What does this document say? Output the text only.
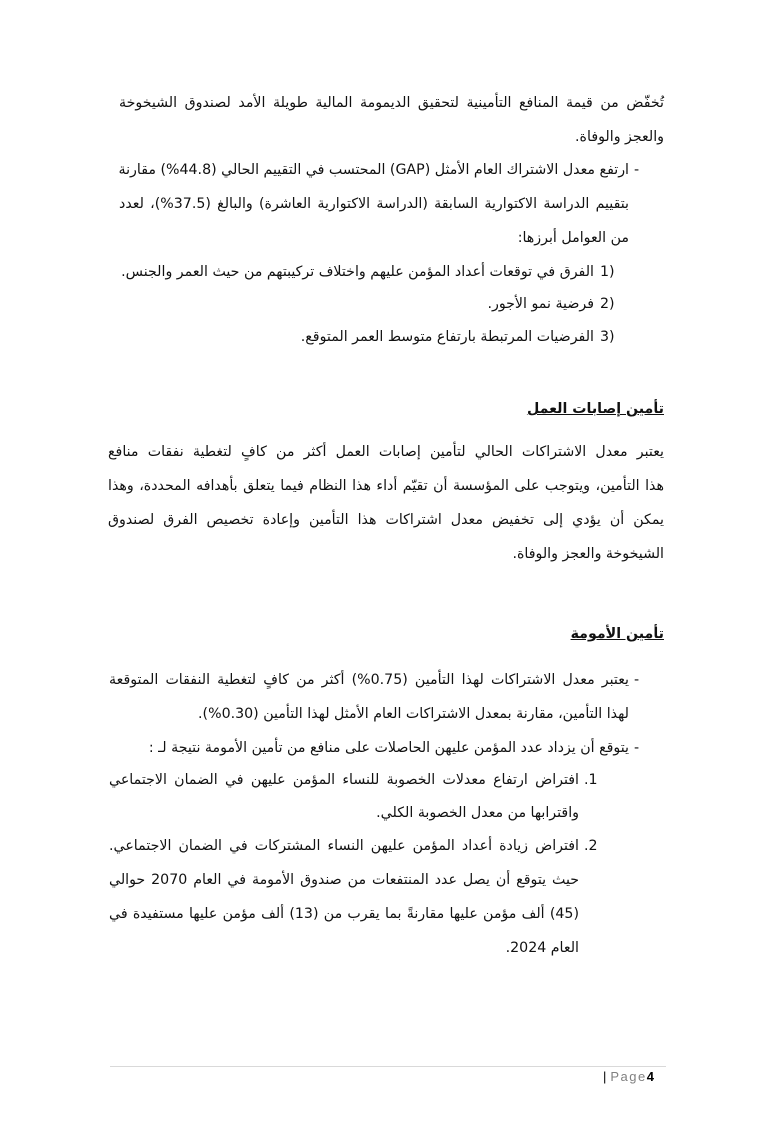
تُخفّض من قيمة المنافع التأمينية لتحقيق الديمومة المالية طويلة الأمد لصندوق الشيخوخة
والعجز والوفاة.
-
ارتفع معدل الاشتراك العام الأمثل (GAP) المحتسب في التقييم الحالي (44.8%) مقارنة
بتقييم الدراسة الاكتوارية السابقة (الدراسة الاكتوارية العاشرة) والبالغ (37.5%)، لعدد
من العوامل أبرزها:
1)
الفرق في توقعات أعداد المؤمن عليهم واختلاف تركيبتهم من حيث العمر والجنس.
2)
فرضية نمو الأجور.
3)
الفرضيات المرتبطة بارتفاع متوسط العمر المتوقع.
تأمين إصابات العمل
يعتبر معدل الاشتراكات الحالي لتأمين إصابات العمل أكثر من كافٍ لتغطية نفقات منافع
هذا التأمين، ويتوجب على المؤسسة أن تقيّم أداء هذا النظام فيما يتعلق بأهدافه المحددة، وهذا
يمكن أن يؤدي إلى تخفيض معدل اشتراكات هذا التأمين وإعادة تخصيص الفرق لصندوق
الشيخوخة والعجز والوفاة.
تأمين الأمومة
-
يعتبر معدل الاشتراكات لهذا التأمين (0.75%) أكثر من كافٍ لتغطية النفقات المتوقعة
لهذا التأمين، مقارنة بمعدل الاشتراكات العام الأمثل لهذا التأمين (0.30%).
-
يتوقع أن يزداد عدد المؤمن عليهن الحاصلات على منافع من تأمين الأمومة نتيجة لـ :
.1
افتراض ارتفاع معدلات الخصوبة للنساء المؤمن عليهن في الضمان الاجتماعي
واقترابها من معدل الخصوبة الكلي.
.2
افتراض زيادة أعداد المؤمن عليهن النساء المشتركات في الضمان الاجتماعي.
حيث يتوقع أن يصل عدد المنتفعات من صندوق الأمومة في العام 2070 حوالي
(45) ألف مؤمن عليها مقارنةً بما يقرب من (13) ألف مؤمن عليها مستفيدة في
العام 2024.
| Page4
